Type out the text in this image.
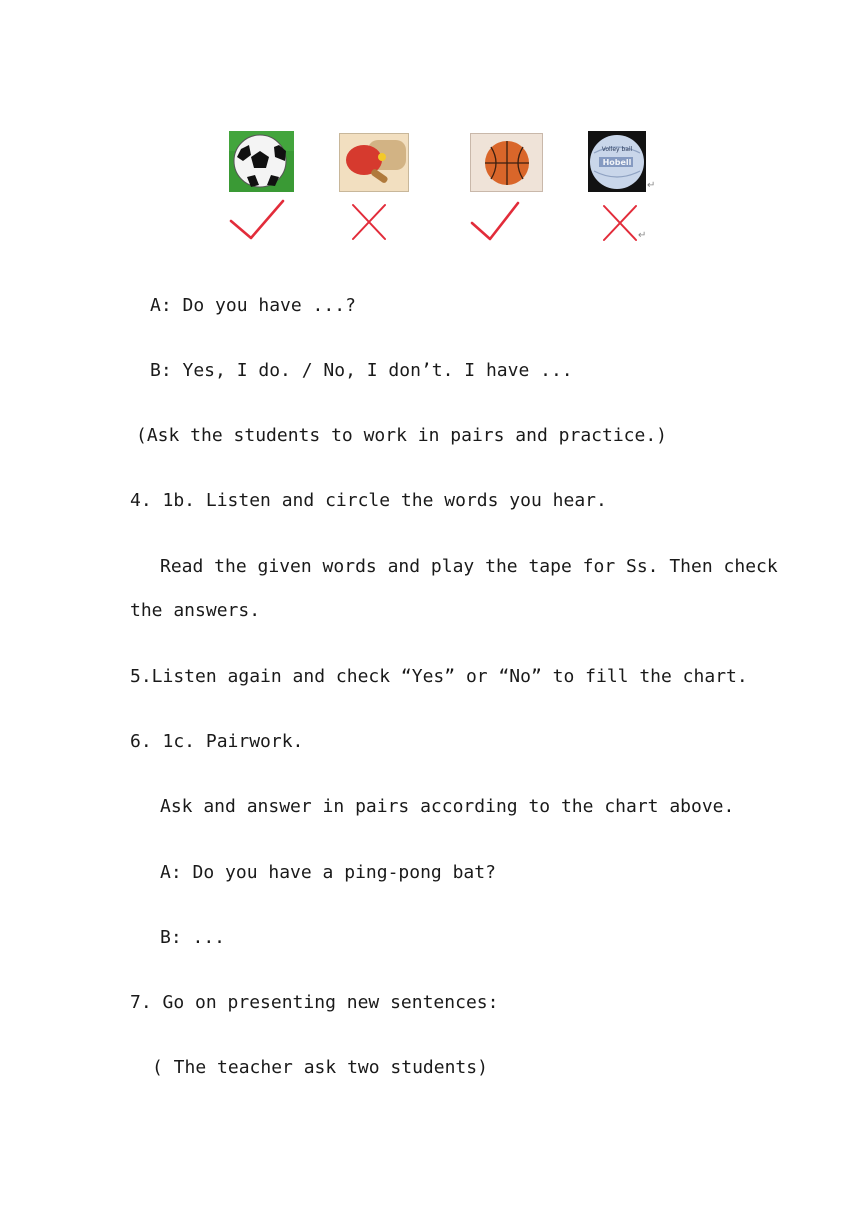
Volley ball
Hobell
↵
↵
A: Do you have ...?
B: Yes, I do. / No, I don’t. I have ...
(Ask the students to work in pairs and practice.)
4. 1b. Listen and circle the words you hear.
Read the given words and play the tape for Ss. Then check
the answers.
5.Listen again and check “Yes” or “No” to fill the chart.
6. 1c. Pairwork.
Ask and answer in pairs according to the chart above.
A: Do you have a ping-pong bat?
B: ...
7. Go on presenting new sentences:
( The teacher ask two students)
